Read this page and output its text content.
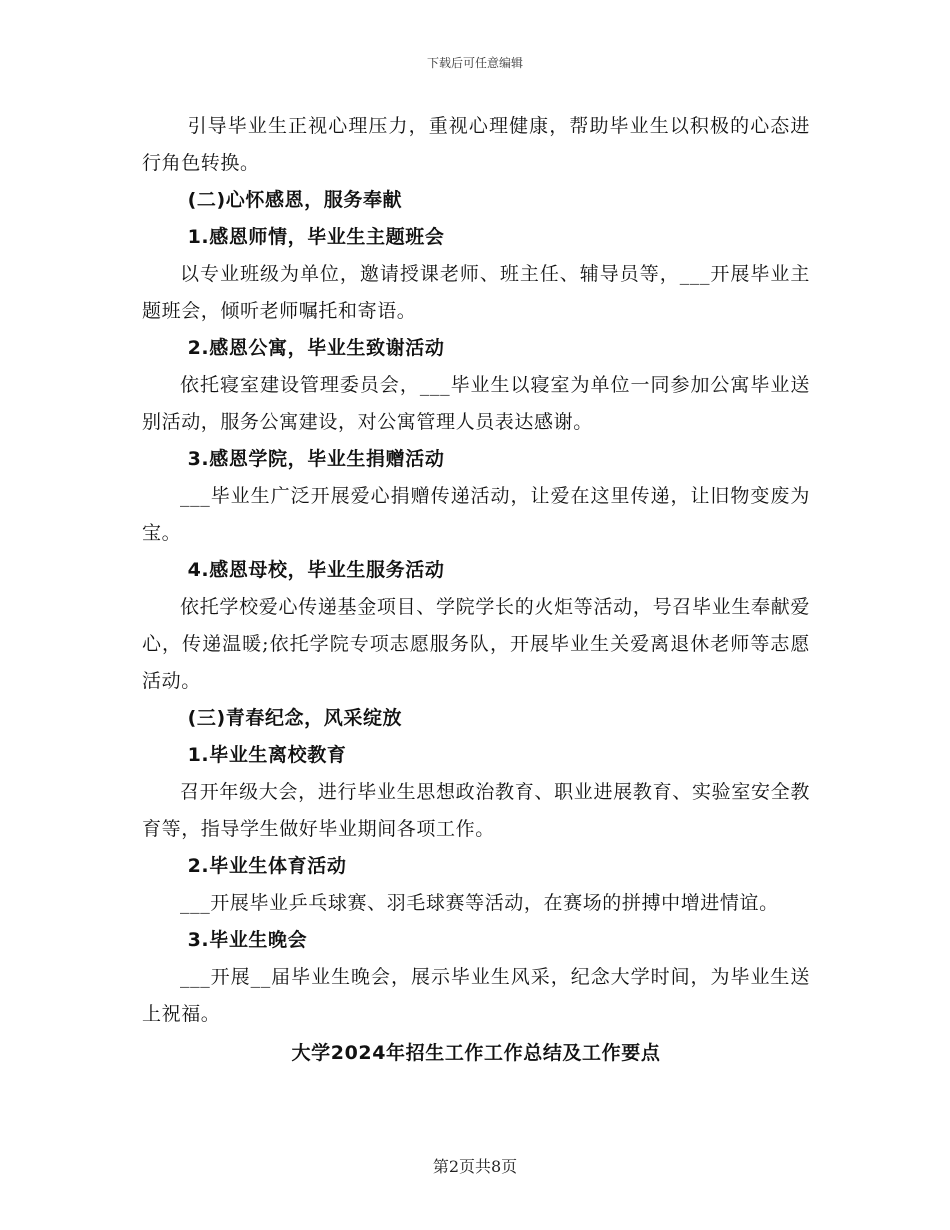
下载后可任意编辑

引导毕业生正视心理压力，重视心理健康，帮助毕业生以积极的心态进行角色转换。

(二)心怀感恩，服务奉献

1.感恩师情，毕业生主题班会

以专业班级为单位，邀请授课老师、班主任、辅导员等，___开展毕业主题班会，倾听老师嘱托和寄语。

2.感恩公寓，毕业生致谢活动

依托寝室建设管理委员会，___毕业生以寝室为单位一同参加公寓毕业送别活动，服务公寓建设，对公寓管理人员表达感谢。

3.感恩学院，毕业生捐赠活动

___毕业生广泛开展爱心捐赠传递活动，让爱在这里传递，让旧物变废为宝。

4.感恩母校，毕业生服务活动

依托学校爱心传递基金项目、学院学长的火炬等活动，号召毕业生奉献爱心，传递温暖;依托学院专项志愿服务队，开展毕业生关爱离退休老师等志愿活动。

(三)青春纪念，风采绽放

1.毕业生离校教育

召开年级大会，进行毕业生思想政治教育、职业进展教育、实验室安全教育等，指导学生做好毕业期间各项工作。

2.毕业生体育活动

___开展毕业乒乓球赛、羽毛球赛等活动，在赛场的拼搏中增进情谊。

3.毕业生晚会

___开展__届毕业生晚会，展示毕业生风采，纪念大学时间，为毕业生送上祝福。

大学2024年招生工作工作总结及工作要点

第2页共8页
